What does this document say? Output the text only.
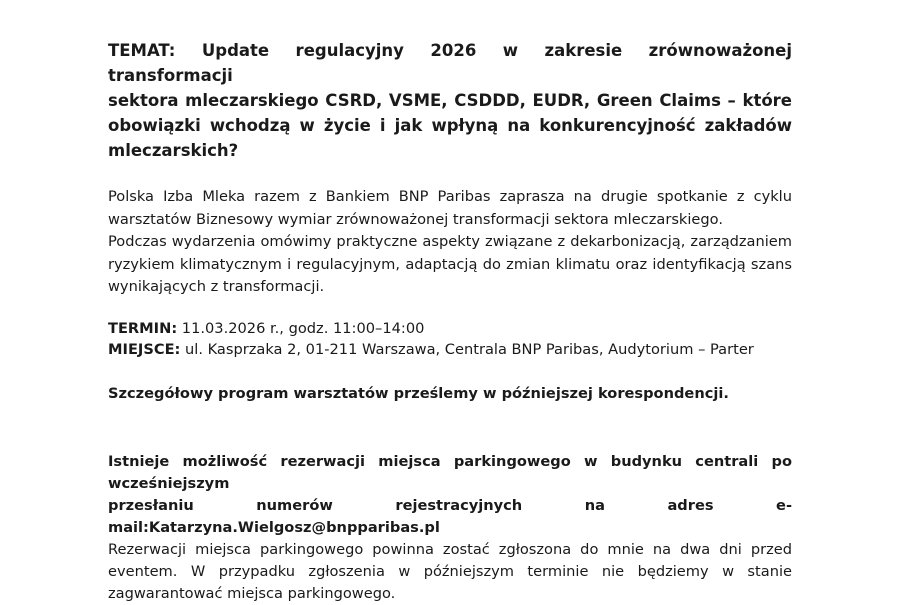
TEMAT: Update regulacyjny 2026 w zakresie zrównoważonej transformacji
sektora mleczarskiego CSRD, VSME, CSDDD, EUDR, Green Claims – które
obowiązki wchodzą w życie i jak wpłyną na konkurencyjność zakładów
mleczarskich?
Polska Izba Mleka razem z Bankiem BNP Paribas zaprasza na drugie spotkanie z cyklu
warsztatów Biznesowy wymiar zrównoważonej transformacji sektora mleczarskiego.
Podczas wydarzenia omówimy praktyczne aspekty związane z dekarbonizacją, zarządzaniem
ryzykiem klimatycznym i regulacyjnym, adaptacją do zmian klimatu oraz identyfikacją szans
wynikających z transformacji.
TERMIN: 11.03.2026 r., godz. 11:00–14:00
MIEJSCE: ul. Kasprzaka 2, 01-211 Warszawa, Centrala BNP Paribas, Audytorium – Parter
Szczegółowy program warsztatów prześlemy w późniejszej korespondencji.
Istnieje możliwość rezerwacji miejsca parkingowego w budynku centrali po wcześniejszym
przesłaniu numerów rejestracyjnych na adres e-mail:Katarzyna.Wielgosz@bnpparibas.pl
Rezerwacji miejsca parkingowego powinna zostać zgłoszona do mnie na dwa dni przed
eventem. W przypadku zgłoszenia w późniejszym terminie nie będziemy w stanie
zagwarantować miejsca parkingowego.
